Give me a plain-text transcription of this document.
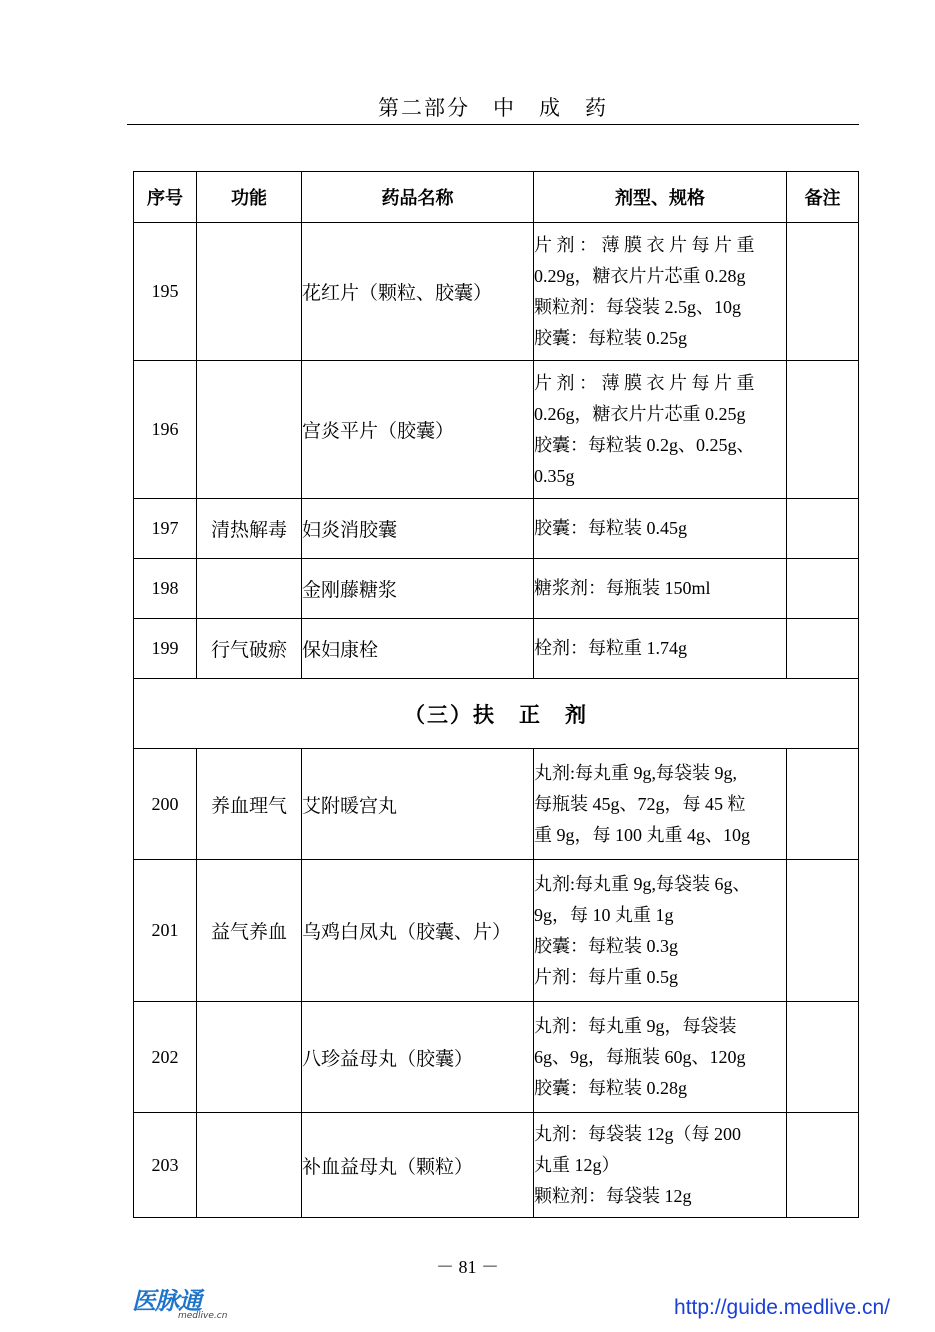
第二部分　中　成　药
序号	功能	药品名称	剂型、规格	备注
195		花红片（颗粒、胶囊）	片 剂 ： 薄 膜 衣 片 每 片 重
0.29g，糖衣片片芯重 0.28g
颗粒剂：每袋装 2.5g、10g
胶囊：每粒装 0.25g	

196		宫炎平片（胶囊）	片 剂 ： 薄 膜 衣 片 每 片 重
0.26g，糖衣片片芯重 0.25g
胶囊：每粒装 0.2g、0.25g、
0.35g	

197	清热解毒	妇炎消胶囊	胶囊：每粒装 0.45g	

198		金刚藤糖浆	糖浆剂：每瓶装 150ml	

199	行气破瘀	保妇康栓	栓剂：每粒重 1.74g	

（三）扶　正　剂				
200	养血理气	艾附暖宫丸	丸剂:每丸重 9g,每袋装 9g,
每瓶装 45g、72g，每 45 粒
重 9g，每 100 丸重 4g、10g	

201	益气养血	乌鸡白凤丸（胶囊、片）	丸剂:每丸重 9g,每袋装 6g、
9g，每 10 丸重 1g
胶囊：每粒装 0.3g
片剂：每片重 0.5g	

202		八珍益母丸（胶囊）	丸剂：每丸重 9g，每袋装
6g、9g，每瓶装 60g、120g
胶囊：每粒装 0.28g	

203		补血益母丸（颗粒）	丸剂：每袋装 12g（每 200
丸重 12g）
颗粒剂：每袋装 12g	

－ 81 －
医脉通
medlive.cn	http://guide.medlive.cn/
